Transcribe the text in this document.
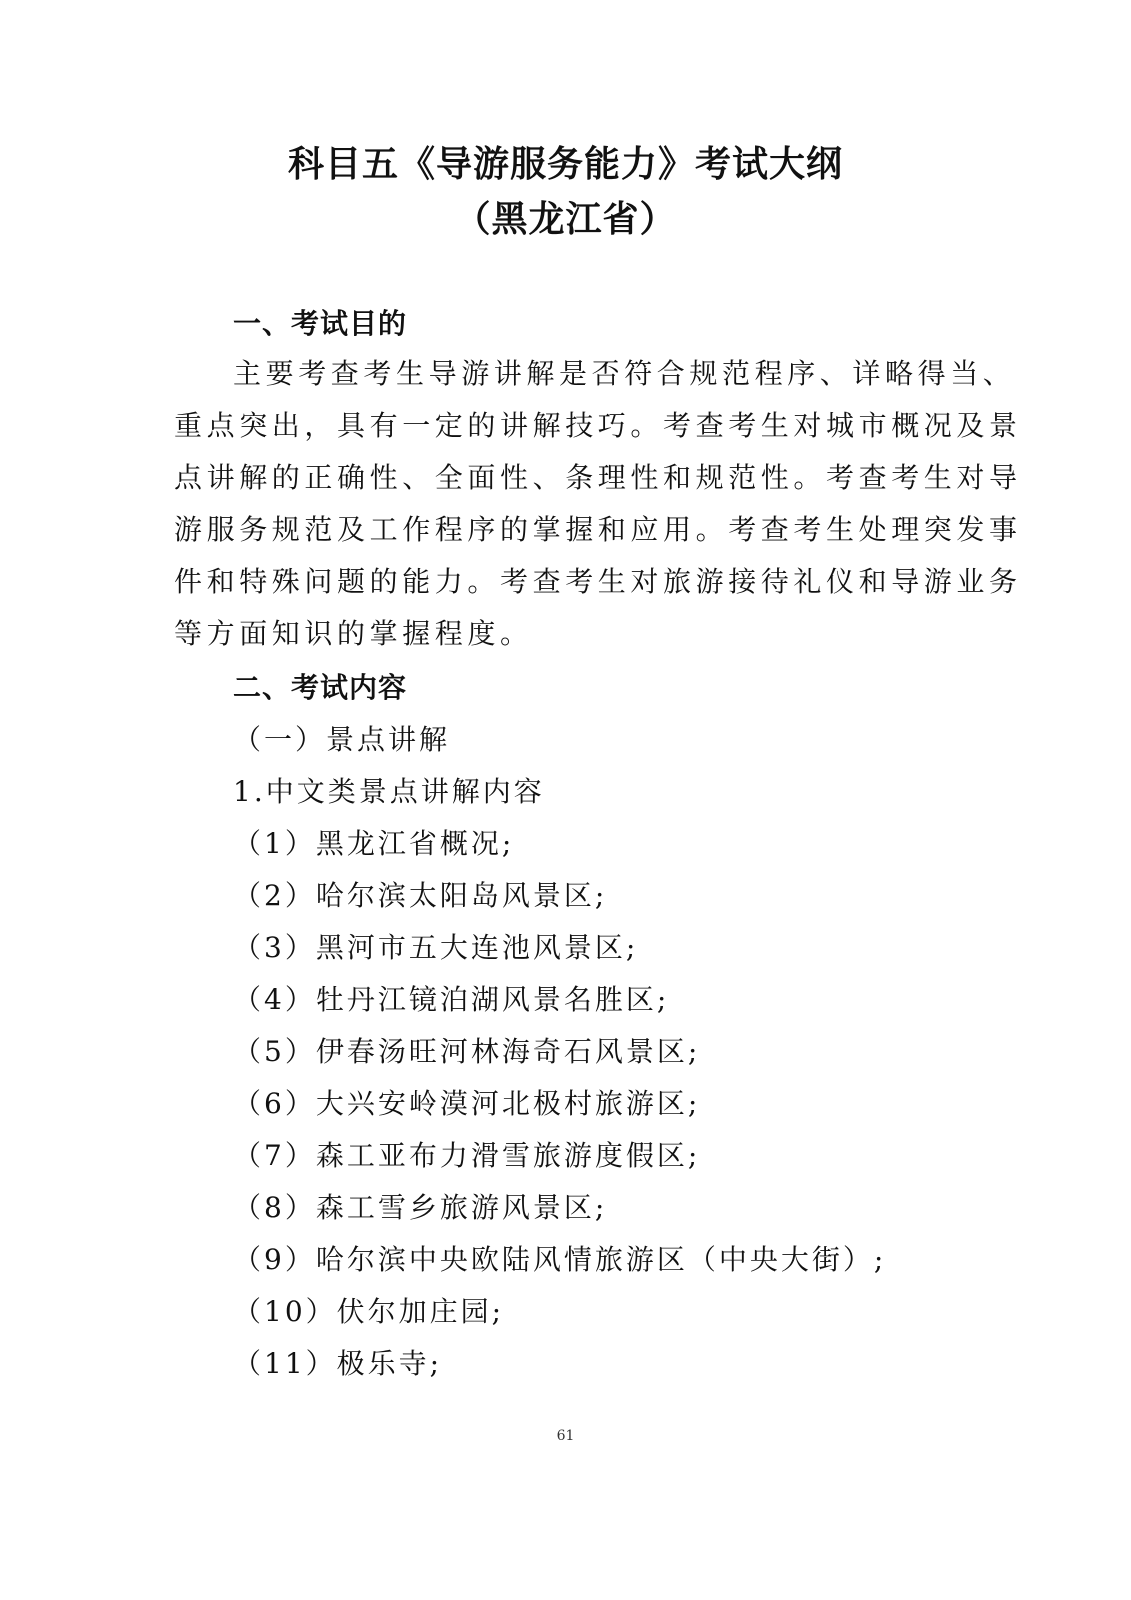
科目五《导游服务能力》考试大纲
（黑龙江省）
一、考试目的

主要考查考生导游讲解是否符合规范程序、详略得当、

重点突出，具有一定的讲解技巧。考查考生对城市概况及景

点讲解的正确性、全面性、条理性和规范性。考查考生对导

游服务规范及工作程序的掌握和应用。考查考生处理突发事

件和特殊问题的能力。考查考生对旅游接待礼仪和导游业务

等方面知识的掌握程度。

二、考试内容
（一）景点讲解
1.中文类景点讲解内容
（1）黑龙江省概况;
（2）哈尔滨太阳岛风景区;
（3）黑河市五大连池风景区;
（4）牡丹江镜泊湖风景名胜区;
（5）伊春汤旺河林海奇石风景区;
（6）大兴安岭漠河北极村旅游区;
（7）森工亚布力滑雪旅游度假区;
（8）森工雪乡旅游风景区;
（9）哈尔滨中央欧陆风情旅游区（中央大街）;
（10）伏尔加庄园;
（11）极乐寺;
61
